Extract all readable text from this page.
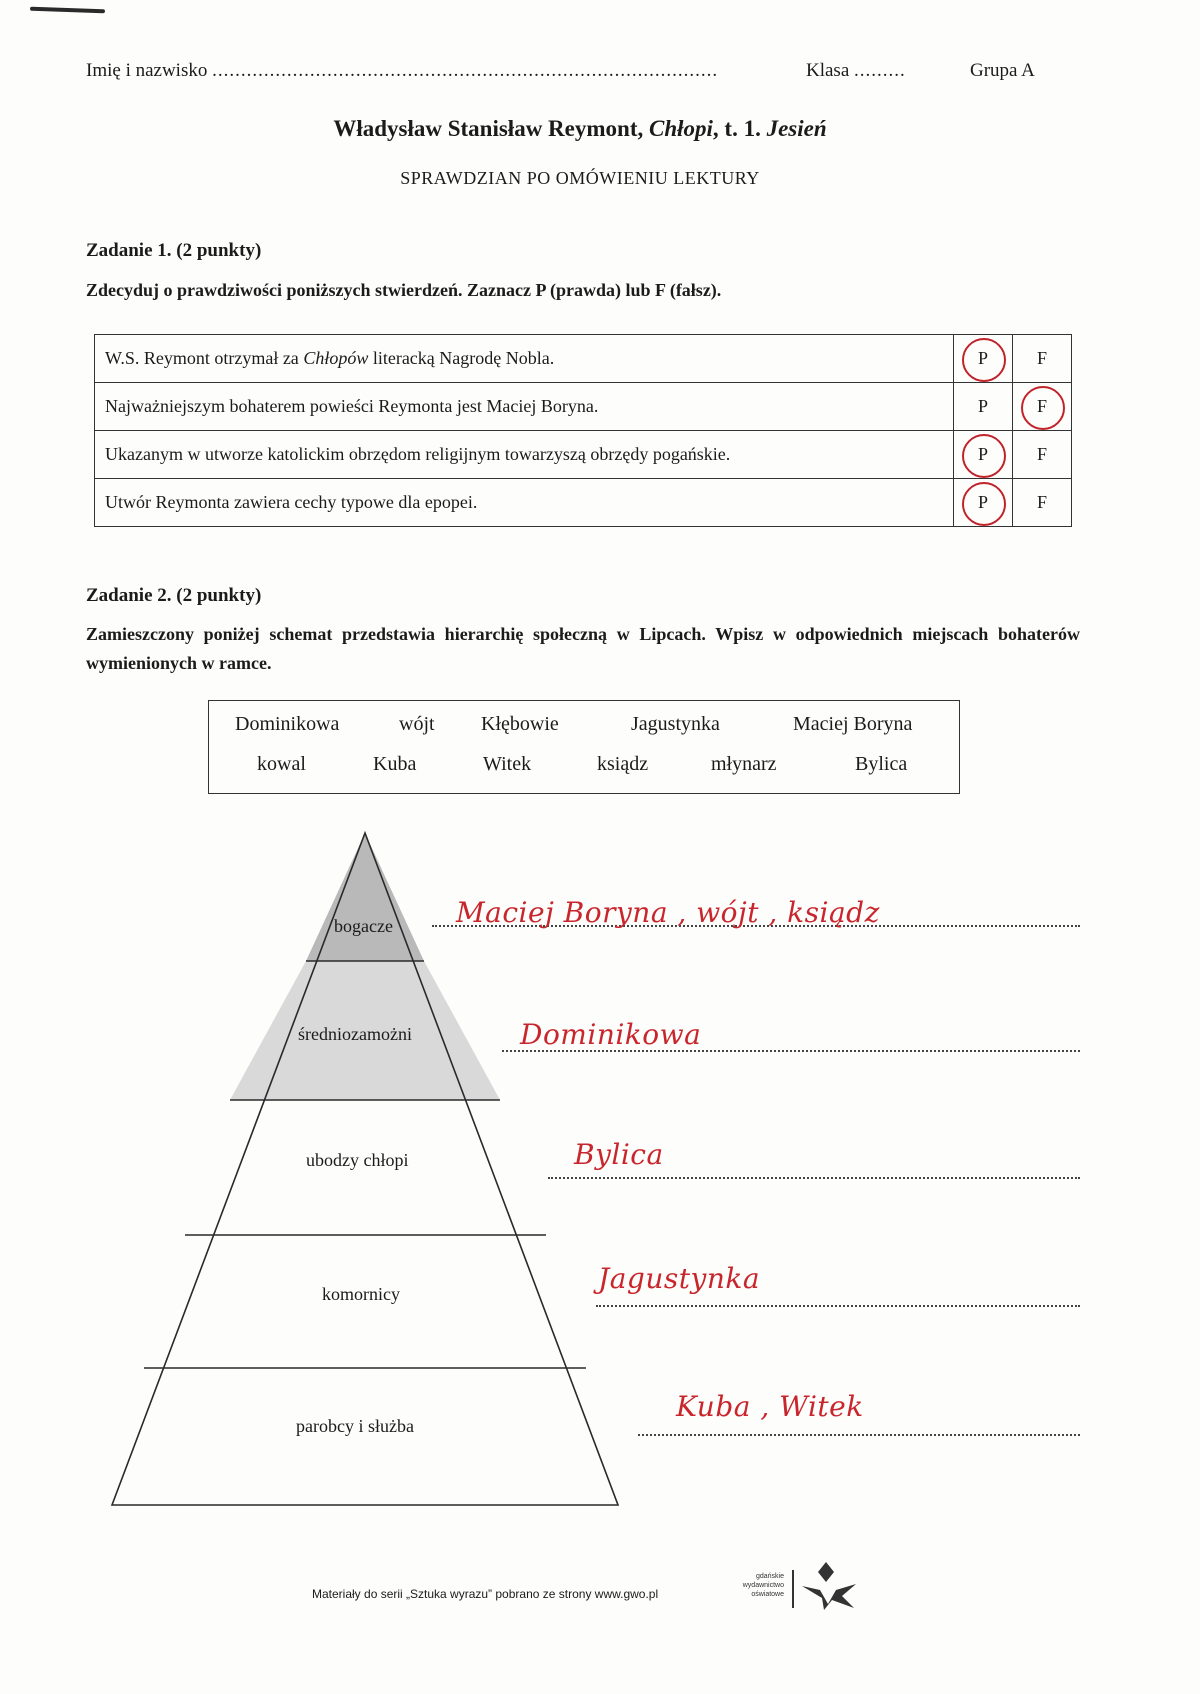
Imię i nazwisko ........................................................................................	Klasa .........	Grupa A
Władysław Stanisław Reymont, Chłopi, t. 1. Jesień
SPRAWDZIAN PO OMÓWIENIU LEKTURY
Zadanie 1. (2 punkty)
Zdecyduj o prawdziwości poniższych stwierdzeń. Zaznacz P (prawda) lub F (fałsz).
W.S. Reymont otrzymał za Chłopów literacką Nagrodę Nobla.	P	F
Najważniejszym bohaterem powieści Reymonta jest Maciej Boryna.	P	F

Ukazanym w utworze katolickim obrzędom religijnym towarzyszą obrzędy pogańskie.	P	F
Utwór Reymonta zawiera cechy typowe dla epopei.	P	F
Zadanie 2. (2 punkty)
Zamieszczony poniżej schemat przedstawia hierarchię społeczną w Lipcach. Wpisz w odpowiednich miejscach bohaterów wymienionych w ramce.
Dominikowa	wójt Kłębowie	Jagustynka	Maciej Boryna
kowal	Kuba	Witek	ksiądz	młynarz	Bylica
bogacze Maciej Boryna , wójt , ksiądz
średniozamożni	Dominikowa
ubodzy chłopi	Bylica
komornicy	Jagustynka
parobcy i służba
Kuba , Witek
Materiały do serii „Sztuka wyrazu” pobrano ze strony www.gwo.pl
gdańskie
wydawnictwo
oświatowe
